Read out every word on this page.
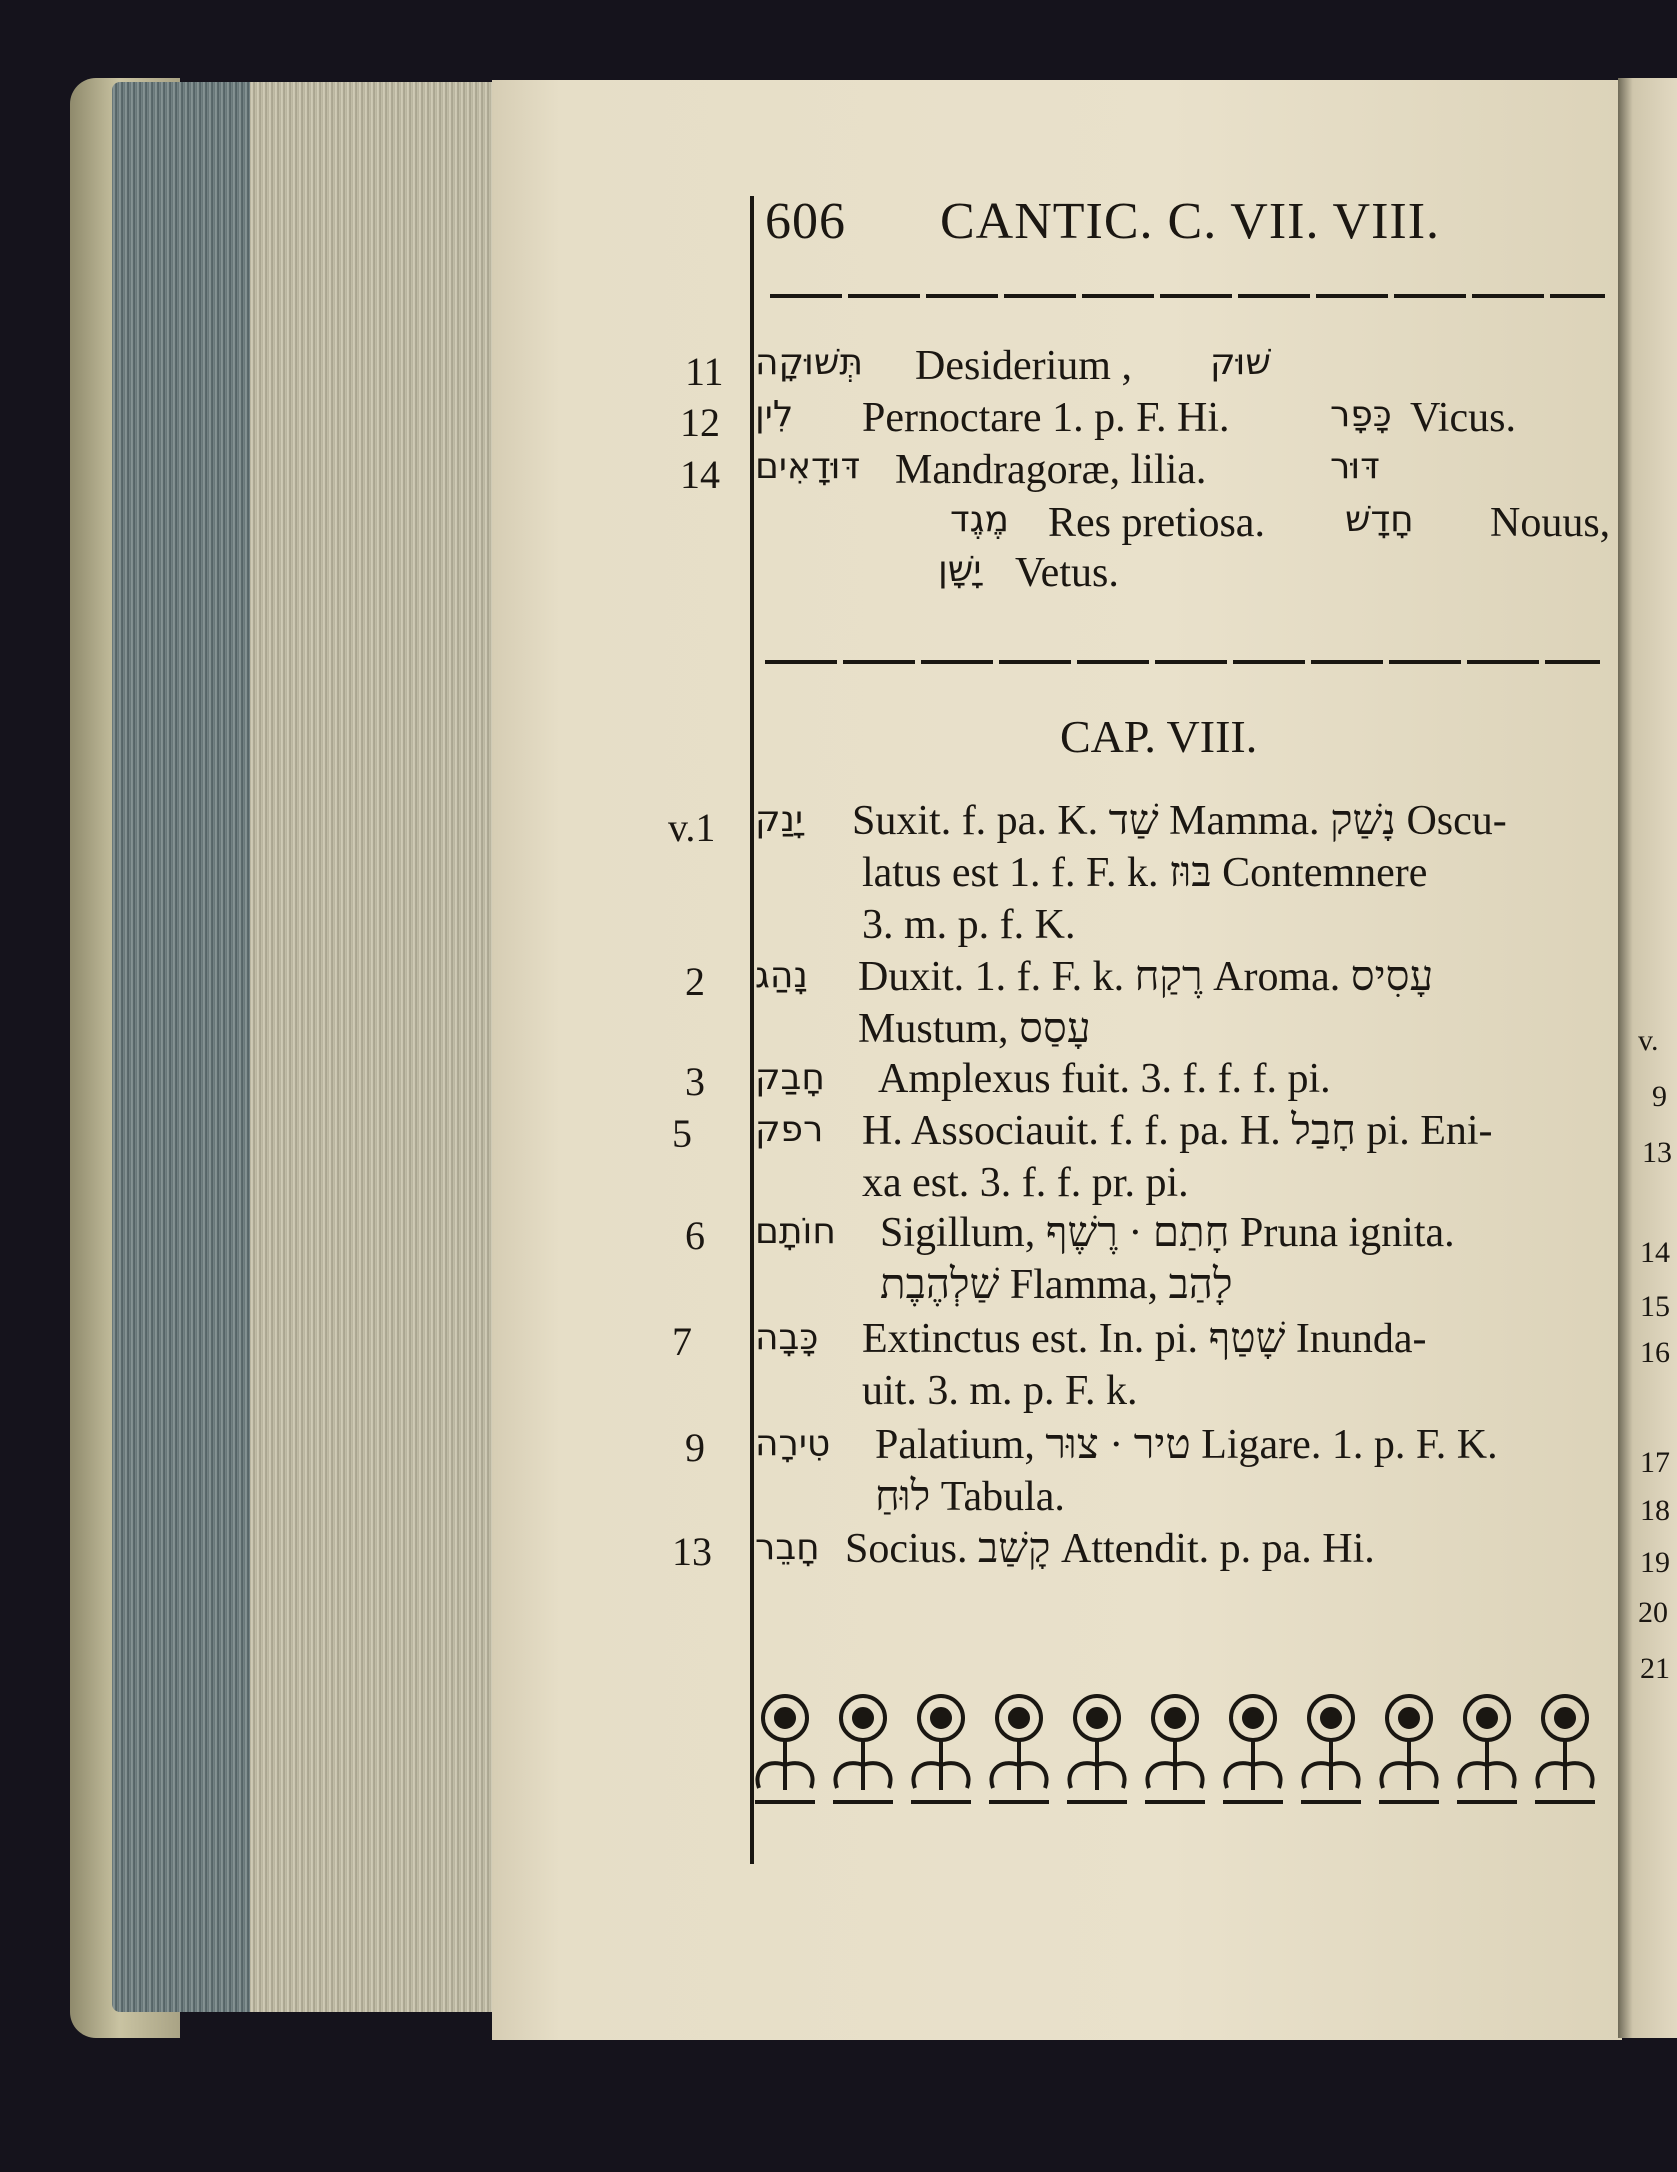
606 CANTIC. C. VII. VIII.
11 תְּשׁוּקָה Desiderium , שׁוּק
12 לִין Pernoctare 1. p. F. Hi.	כָּפָר Vicus.
14 דּוּדָאִים Mandragoræ, lilia.	דּוּר
מֶגֶד Res pretiosa. חָדָשׁ Nouus,
יָשָׁן Vetus.
CAP. VIII.
v.1 יָנַק Suxit. f. pa. K. שַׁד Mamma. נָשַׁק Oscu-
latus est 1. f. F. k. בּוּז Contemnere
3. m. p. f. K.
2 נָהַג Duxit. 1. f. F. k. רֶקַח Aroma. עָסִיס
Mustum, עָסַס
3 חָבַק Amplexus fuit. 3. f. f. f. pi.
5 רפק H. Associauit. f. f. pa. H. חָבַל pi. Eni-
xa est. 3. f. f. pr. pi.
6 חוֹתָם Sigillum, חָתַם · רֶשֶׁף Pruna ignita.
שַׁלְהֶבֶת Flamma, לָהַב
7 כָּבָה Extinctus est. In. pi. שָׁטַף Inunda-
uit. 3. m. p. F. k.
9 טִירָה Palatium, טיר · צוּר Ligare. 1. p. F. K.
לוּחַ Tabula.
13 חָבֵר Socius. קָשַׁב Attendit. p. pa. Hi.
v.
9
13
14
15
16
17
18
19
20
21
